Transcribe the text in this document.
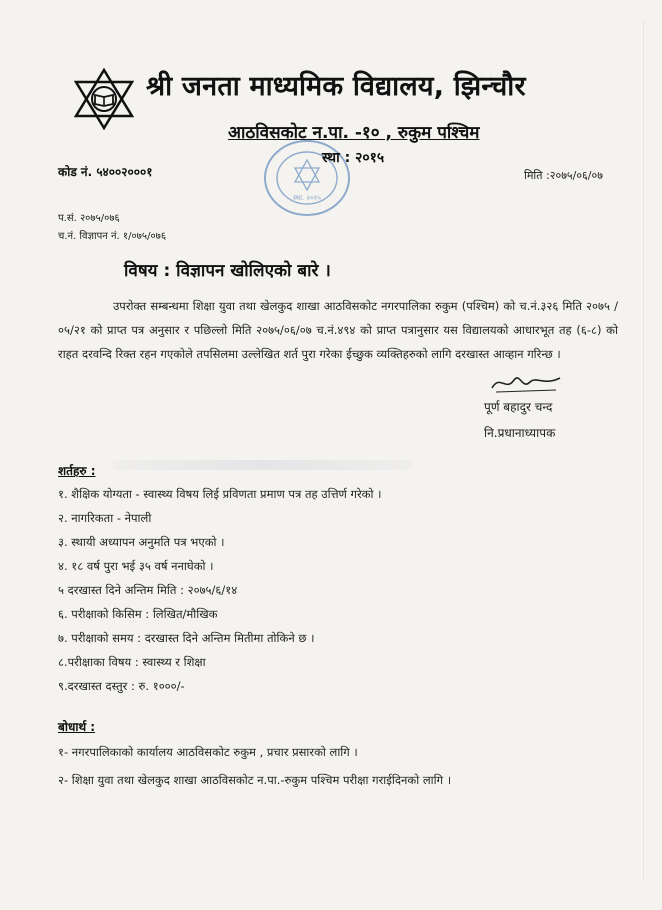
श्री जनता माध्यमिक विद्यालय, झिन्चौर
आठविसकोट न.पा. -१० , रुकुम पश्चिम
स्था. २०१५
स्था : २०१५
कोड नं. ५४००२०००१	मिति :२०७५/०६/०७
प.सं. २०७५/०७६
च.नं. विज्ञापन नं. १/०७५/०७६
विषय : विज्ञापन खोलिएको बारे ।
उपरोक्त सम्बन्धमा शिक्षा युवा तथा खेलकुद शाखा आठविसकोट नगरपालिका रुकुम (पश्चिम) को च.नं.३२६ मिति २०७५ /०५/२१ को प्राप्त पत्र अनुसार र पछिल्लो मिति २०७५/०६/०७ च.नं.४९४ को प्राप्त पत्रानुसार यस विद्यालयको आधारभूत तह (६-८) को राहत दरवन्दि रिक्त रहन गएकोले तपसिलमा उल्लेखित शर्त पुरा गरेका ईच्छुक व्यक्तिहरुको लागि दरखास्त आव्हान गरिन्छ ।
पूर्ण बहादुर चन्द
नि.प्रधानाध्यापक
शर्तहरु :
१. शैक्षिक योग्यता - स्वास्थ्य विषय लिई प्रविणता प्रमाण पत्र तह उत्तिर्ण गरेको ।
२. नागरिकता - नेपाली
३. स्थायी अध्यापन अनुमति पत्र भएको ।
४. १८ वर्ष पुरा भई ३५ वर्ष ननाघेको ।
५ दरखास्त दिने अन्तिम मिति : २०७५/६/१४
६. परीक्षाको किसिम : लिखित/मौखिक
७. परीक्षाको समय : दरखास्त दिने अन्तिम मितीमा तोकिने छ ।
८.परीक्षाका विषय : स्वास्थ्य र शिक्षा
९.दरखास्त दस्तुर : रु. १०००/-
बोधार्थ :
१- नगरपालिकाको कार्यालय आठविसकोट रुकुम , प्रचार प्रसारको लागि ।
२- शिक्षा युवा तथा खेलकुद शाखा आठविसकोट न.पा.-रुकुम पश्चिम परीक्षा गराईदिनको लागि ।
